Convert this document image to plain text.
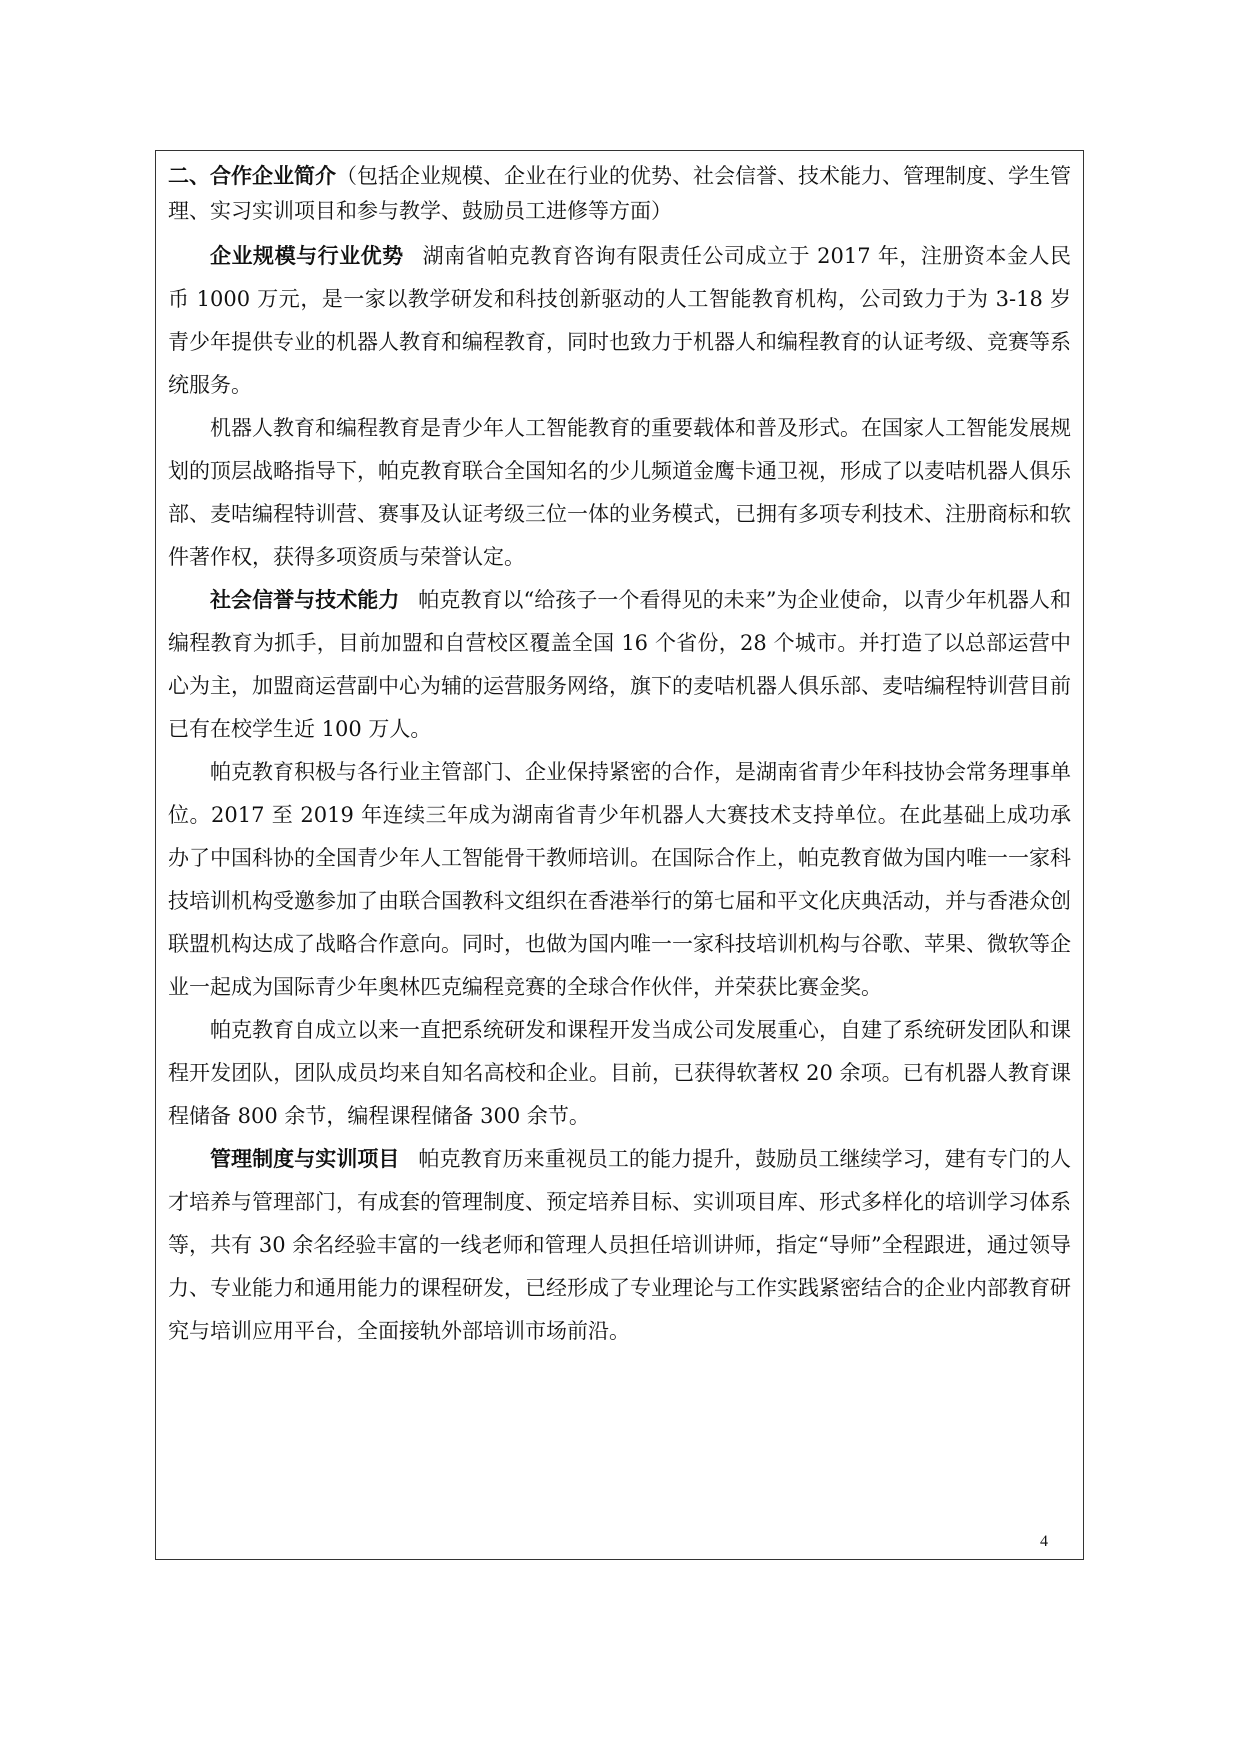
二、合作企业简介（包括企业规模、企业在行业的优势、社会信誉、技术能力、管理制度、学生管理、实习实训项目和参与教学、鼓励员工进修等方面）

企业规模与行业优势 湖南省帕克教育咨询有限责任公司成立于 2017 年，注册资本金人民币 1000 万元，是一家以教学研发和科技创新驱动的人工智能教育机构，公司致力于为 3-18 岁青少年提供专业的机器人教育和编程教育，同时也致力于机器人和编程教育的认证考级、竞赛等系统服务。

机器人教育和编程教育是青少年人工智能教育的重要载体和普及形式。在国家人工智能发展规划的顶层战略指导下，帕克教育联合全国知名的少儿频道金鹰卡通卫视，形成了以麦咭机器人俱乐部、麦咭编程特训营、赛事及认证考级三位一体的业务模式，已拥有多项专利技术、注册商标和软件著作权，获得多项资质与荣誉认定。

社会信誉与技术能力 帕克教育以“给孩子一个看得见的未来”为企业使命，以青少年机器人和编程教育为抓手，目前加盟和自营校区覆盖全国 16 个省份，28 个城市。并打造了以总部运营中心为主，加盟商运营副中心为辅的运营服务网络，旗下的麦咭机器人俱乐部、麦咭编程特训营目前已有在校学生近 100 万人。

帕克教育积极与各行业主管部门、企业保持紧密的合作，是湖南省青少年科技协会常务理事单位。2017 至 2019 年连续三年成为湖南省青少年机器人大赛技术支持单位。在此基础上成功承办了中国科协的全国青少年人工智能骨干教师培训。在国际合作上，帕克教育做为国内唯一一家科技培训机构受邀参加了由联合国教科文组织在香港举行的第七届和平文化庆典活动，并与香港众创联盟机构达成了战略合作意向。同时，也做为国内唯一一家科技培训机构与谷歌、苹果、微软等企业一起成为国际青少年奥林匹克编程竞赛的全球合作伙伴，并荣获比赛金奖。

帕克教育自成立以来一直把系统研发和课程开发当成公司发展重心，自建了系统研发团队和课程开发团队，团队成员均来自知名高校和企业。目前，已获得软著权 20 余项。已有机器人教育课程储备 800 余节，编程课程储备 300 余节。

管理制度与实训项目 帕克教育历来重视员工的能力提升，鼓励员工继续学习，建有专门的人才培养与管理部门，有成套的管理制度、预定培养目标、实训项目库、形式多样化的培训学习体系等，共有 30 余名经验丰富的一线老师和管理人员担任培训讲师，指定“导师”全程跟进，通过领导力、专业能力和通用能力的课程研发，已经形成了专业理论与工作实践紧密结合的企业内部教育研究与培训应用平台，全面接轨外部培训市场前沿。

4
